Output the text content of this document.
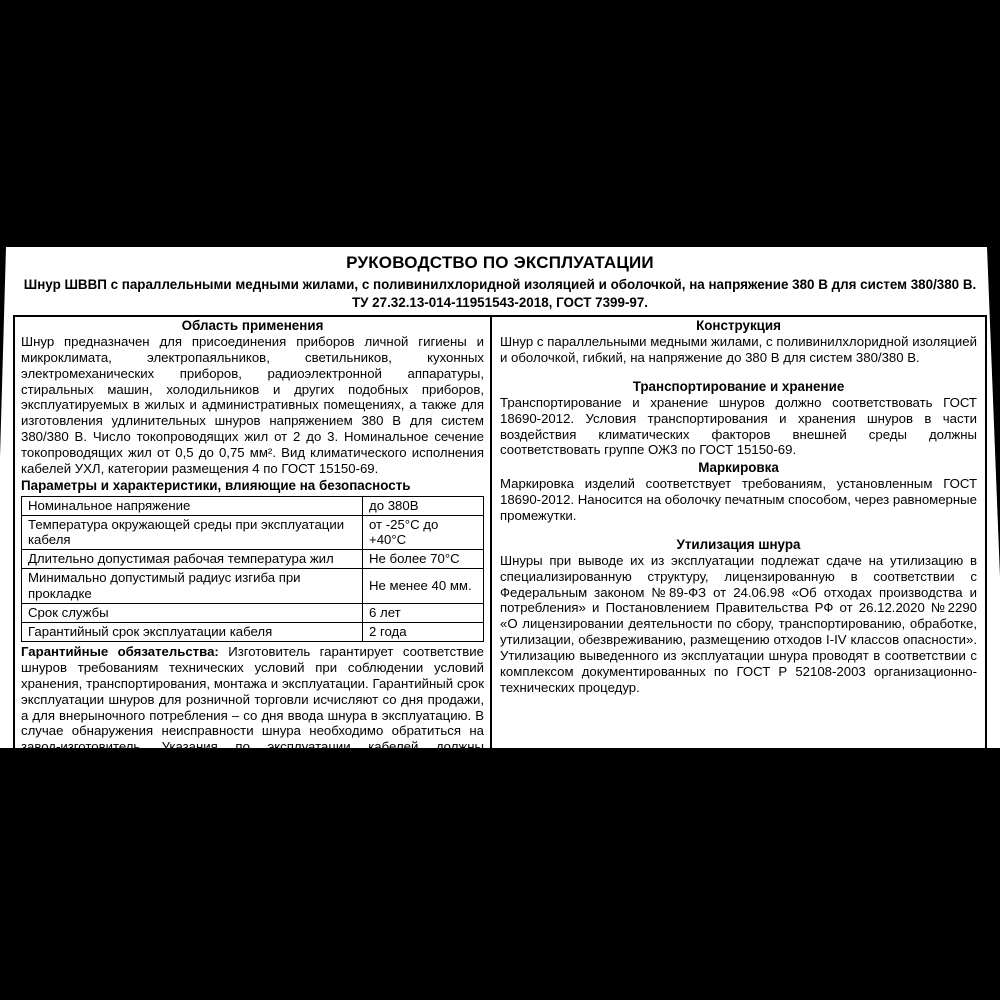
РУКОВОДСТВО ПО ЭКСПЛУАТАЦИИ
Шнур ШВВП с параллельными медными жилами, с поливинилхлоридной изоляцией и оболочкой, на напряжение 380 В для систем 380/380 В.
ТУ 27.32.13-014-11951543-2018, ГОСТ 7399-97.
Область применения
Шнур предназначен для присоединения приборов личной гигиены и микроклимата, электропаяльников, светильников, кухонных электромеханических приборов, радиоэлектронной аппаратуры, стиральных машин, холодильников и других подобных приборов, эксплуатируемых в жилых и административных помещениях, а также для изготовления удлинительных шнуров напряжением 380 В для систем 380/380 В. Число токопроводящих жил от 2 до 3. Номинальное сечение токопроводящих жил от 0,5 до 0,75 мм². Вид климатического исполнения кабелей УХЛ, категории размещения 4 по ГОСТ 15150-69.
Параметры и характеристики, влияющие на безопасность
Номинальное напряжение	до 380В
Температура окружающей среды при эксплуатации кабеля	от -25°С до +40°С
Длительно допустимая рабочая температура жил	Не более 70°С
Минимально допустимый радиус изгиба при прокладке	Не менее 40 мм.
Срок службы	6 лет
Гарантийный срок эксплуатации кабеля	2 года
Гарантийные обязательства: Изготовитель гарантирует соответствие шнуров требованиям технических условий при соблюдении условий хранения, транспортирования, монтажа и эксплуатации. Гарантийный срок эксплуатации шнуров для розничной торговли исчисляют со дня продажи, а для внерыночного потребления – со дня ввода шнура в эксплуатацию. В случае обнаружения неисправности шнура необходимо обратиться на завод-изготовитель. Указания по эксплуатации кабелей должны соответствовать требованиям ГОСТ 7399-97. Класс пожарной опасности шнура по ГОСТ 31565-2012 О1.8.2.5.4.
Конструкция
Шнур с параллельными медными жилами, с поливинилхлоридной изоляцией и оболочкой, гибкий, на напряжение до 380 В для систем 380/380 В.
Транспортирование и хранение
Транспортирование и хранение шнуров должно соответствовать ГОСТ 18690-2012. Условия транспортирования и хранения шнуров в части воздействия климатических факторов внешней среды должны соответствовать группе ОЖ3 по ГОСТ 15150-69.
Маркировка
Маркировка изделий соответствует требованиям, установленным ГОСТ 18690-2012. Наносится на оболочку печатным способом, через равномерные промежутки.
Утилизация шнура
Шнуры при выводе их из эксплуатации подлежат сдаче на утилизацию в специализированную структуру, лицензированную в соответствии с Федеральным законом №89-ФЗ от 24.06.98 «Об отходах производства и потребления» и Постановлением Правительства РФ от 26.12.2020 №2290 «О лицензировании деятельности по сбору, транспортированию, обработке, утилизации, обезвреживанию, размещению отходов I-IV классов опасности». Утилизацию выведенного из эксплуатации шнура проводят в соответствии с комплексом документированных по ГОСТ Р 52108-2003 организационно-технических процедур.
Произведено для АО "Севкабель": 198097, г. Санкт- Петербург, ул. Баррикадная, д.36, литера А, пом. 6Н, офис 5А; по техническим требованиям "Севкабель", в соответствии с ГОСТ. Изготовитель: ООО «Альфакабель», 302209, Орловская область, Орловский район, Платоновское с/п, ул. Раздольная д.105, литер Б4, помещение 15.
Тел/факс: +7 (486) 239-06-62; e-mail: sale@nordkabel.ru; alfacable@mail.ru
Произведено в Российской Федерации. Дата производства указана на упаковке.
